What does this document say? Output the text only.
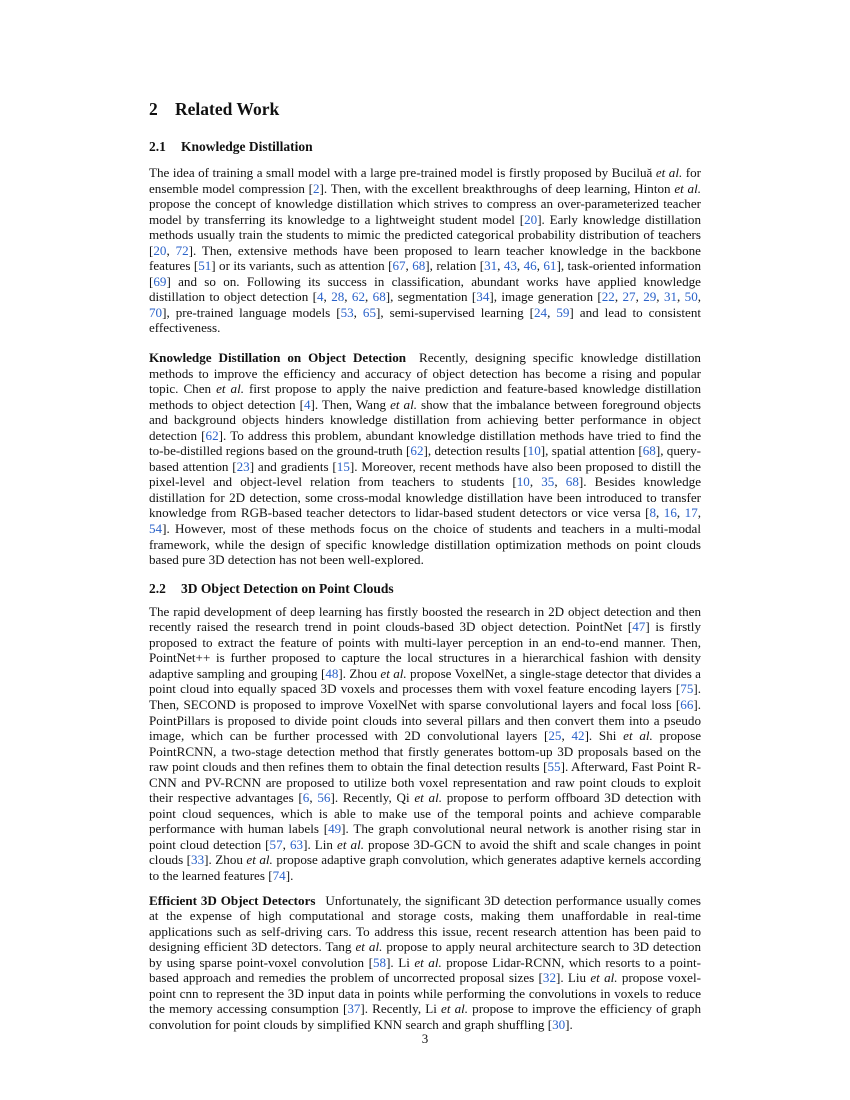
2 Related Work
2.1 Knowledge Distillation

The idea of training a small model with a large pre-trained model is firstly proposed by Buciluă et al. for ensemble model compression [2]. Then, with the excellent breakthroughs of deep learning, Hinton et al. propose the concept of knowledge distillation which strives to compress an over-parameterized teacher model by transferring its knowledge to a lightweight student model [20]. Early knowledge distillation methods usually train the students to mimic the predicted categorical probability distribution of teachers [20, 72]. Then, extensive methods have been proposed to learn teacher knowledge in the backbone features [51] or its variants, such as attention [67, 68], relation [31, 43, 46, 61], task-oriented information [69] and so on. Following its success in classification, abundant works have applied knowledge distillation to object detection [4, 28, 62, 68], segmentation [34], image generation [22, 27, 29, 31, 50, 70], pre-trained language models [53, 65], semi-supervised learning [24, 59] and lead to consistent effectiveness.

Knowledge Distillation on Object Detection Recently, designing specific knowledge distillation methods to improve the efficiency and accuracy of object detection has become a rising and popular topic. Chen et al. first propose to apply the naive prediction and feature-based knowledge distillation methods to object detection [4]. Then, Wang et al. show that the imbalance between foreground objects and background objects hinders knowledge distillation from achieving better performance in object detection [62]. To address this problem, abundant knowledge distillation methods have tried to find the to-be-distilled regions based on the ground-truth [62], detection results [10], spatial attention [68], query-based attention [23] and gradients [15]. Moreover, recent methods have also been proposed to distill the pixel-level and object-level relation from teachers to students [10, 35, 68]. Besides knowledge distillation for 2D detection, some cross-modal knowledge distillation have been introduced to transfer knowledge from RGB-based teacher detectors to lidar-based student detectors or vice versa [8, 16, 17, 54]. However, most of these methods focus on the choice of students and teachers in a multi-modal framework, while the design of specific knowledge distillation optimization methods on point clouds based pure 3D detection has not been well-explored.

2.2 3D Object Detection on Point Clouds

The rapid development of deep learning has firstly boosted the research in 2D object detection and then recently raised the research trend in point clouds-based 3D object detection. PointNet [47] is firstly proposed to extract the feature of points with multi-layer perception in an end-to-end manner. Then, PointNet++ is further proposed to capture the local structures in a hierarchical fashion with density adaptive sampling and grouping [48]. Zhou et al. propose VoxelNet, a single-stage detector that divides a point cloud into equally spaced 3D voxels and processes them with voxel feature encoding layers [75]. Then, SECOND is proposed to improve VoxelNet with sparse convolutional layers and focal loss [66]. PointPillars is proposed to divide point clouds into several pillars and then convert them into a pseudo image, which can be further processed with 2D convolutional layers [25, 42]. Shi et al. propose PointRCNN, a two-stage detection method that firstly generates bottom-up 3D proposals based on the raw point clouds and then refines them to obtain the final detection results [55]. Afterward, Fast Point R-CNN and PV-RCNN are proposed to utilize both voxel representation and raw point clouds to exploit their respective advantages [6, 56]. Recently, Qi et al. propose to perform offboard 3D detection with point cloud sequences, which is able to make use of the temporal points and achieve comparable performance with human labels [49]. The graph convolutional neural network is another rising star in point cloud detection [57, 63]. Lin et al. propose 3D-GCN to avoid the shift and scale changes in point clouds [33]. Zhou et al. propose adaptive graph convolution, which generates adaptive kernels according to the learned features [74].

Efficient 3D Object Detectors Unfortunately, the significant 3D detection performance usually comes at the expense of high computational and storage costs, making them unaffordable in real-time applications such as self-driving cars. To address this issue, recent research attention has been paid to designing efficient 3D detectors. Tang et al. propose to apply neural architecture search to 3D detection by using sparse point-voxel convolution [58]. Li et al. propose Lidar-RCNN, which resorts to a point-based approach and remedies the problem of uncorrected proposal sizes [32]. Liu et al. propose voxel-point cnn to represent the 3D input data in points while performing the convolutions in voxels to reduce the memory accessing consumption [37]. Recently, Li et al. propose to improve the efficiency of graph convolution for point clouds by simplified KNN search and graph shuffling [30].

3
